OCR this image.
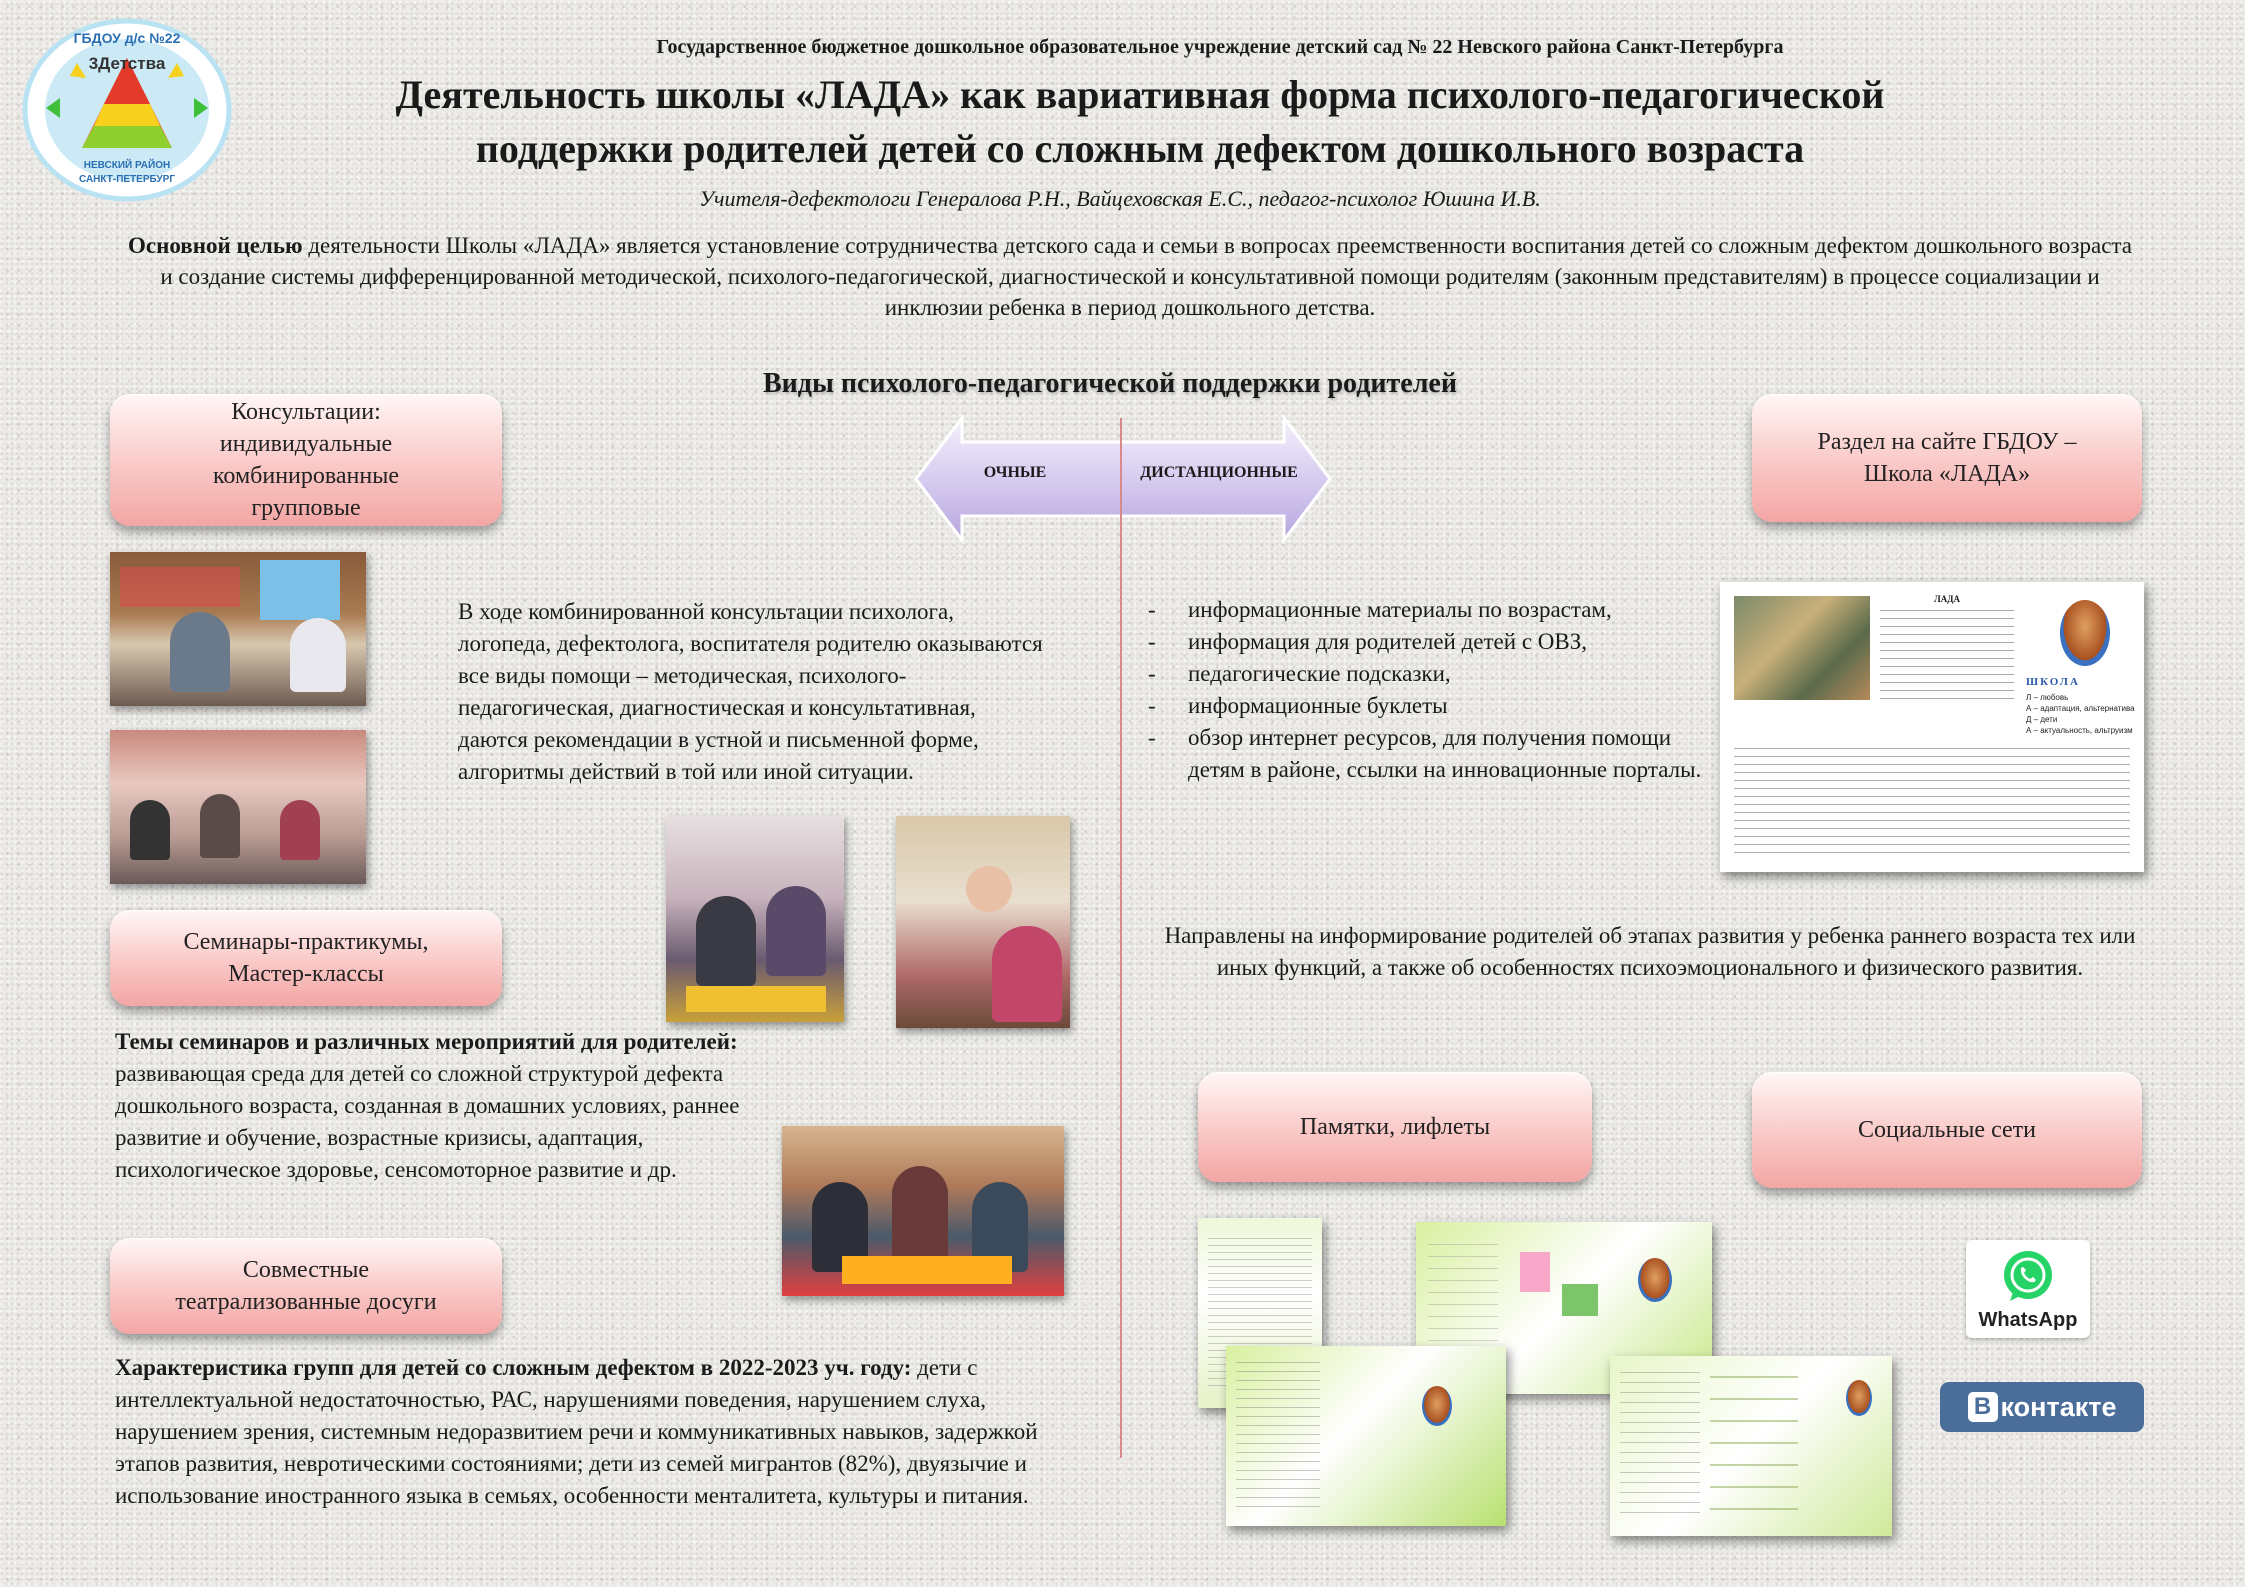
ГБДОУ д/с №22
3Детства
НЕВСКИЙ РАЙОН
САНКТ-ПЕТЕРБУРГ
Государственное бюджетное дошкольное образовательное учреждение детский сад № 22 Невского района Санкт-Петербурга
Деятельность школы «ЛАДА» как вариативная форма психолого-педагогической
поддержки родителей детей со сложным дефектом дошкольного возраста
Учителя-дефектологи Генералова Р.Н., Вайцеховская Е.С., педагог-психолог Юшина И.В.
Основной целью деятельности Школы «ЛАДА» является установление сотрудничества детского сада и семьи в вопросах преемственности воспитания детей со сложным дефектом дошкольного возраста и создание системы дифференцированной методической, психолого-педагогической, диагностической и консультативной помощи родителям (законным представителям) в процессе социализации и инклюзии ребенка в период дошкольного детства.
Виды психолого-педагогической поддержки родителей
ОЧНЫЕ	ДИСТАНЦИОННЫЕ
Консультации:
индивидуальные
комбинированные
групповые
В ходе комбинированной консультации психолога, логопеда, дефектолога, воспитателя родителю оказываются все виды помощи – методическая, психолого-педагогическая, диагностическая и консультативная, даются рекомендации в устной и письменной форме, алгоритмы действий в той или иной ситуации.
Семинары-практикумы,
Мастер-классы
Темы семинаров и различных мероприятий для родителей: развивающая среда для детей со сложной структурой дефекта дошкольного возраста, созданная в домашних условиях, раннее развитие и обучение, возрастные кризисы, адаптация, психологическое здоровье, сенсомоторное развитие и др.
Совместные
театрализованные досуги
Характеристика групп для детей со сложным дефектом в 2022-2023 уч. году: дети с интеллектуальной недостаточностью, РАС, нарушениями поведения, нарушением слуха, нарушением зрения, системным недоразвитием речи и коммуникативных навыков, задержкой этапов развития, невротическими состояниями; дети из семей мигрантов (82%), двуязычие и использование иностранного языка в семьях, особенности менталитета, культуры и питания.
Раздел на сайте ГБДОУ –
Школа «ЛАДА»
- информационные материалы по возрастам,
- информация для родителей детей с ОВЗ,
- педагогические подсказки,
- информационные буклеты
- обзор интернет ресурсов, для получения помощи детям в районе, ссылки на инновационные порталы.
ЛАДА
ШКОЛА
Л – любовь
А – адаптация, альтернатива
Д – дети
А – актуальность, альтруизм
Направлены на информирование родителей об этапах развития у ребенка раннего возраста тех или иных функций, а также об особенностях психоэмоционального и физического развития.
Памятки, лифлеты	Социальные сети
WhatsApp
В контакте
